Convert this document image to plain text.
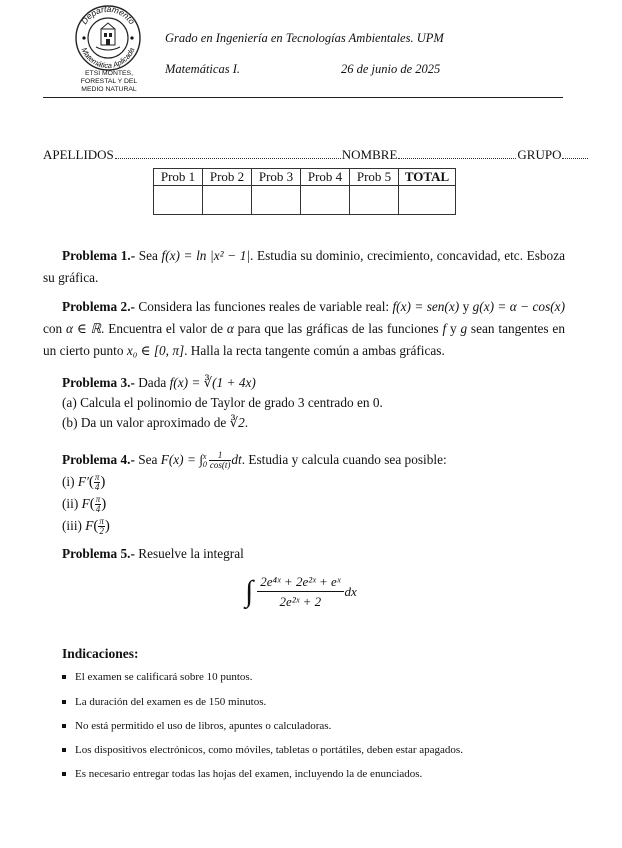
Departamento
Matemática Aplicada
ETSI MONTES,
FORESTAL Y DEL
MEDIO NATURAL
Grado en Ingeniería en Tecnologías Ambientales. UPM
Matemáticas I.	26 de junio de 2025
APELLIDOS	NOMBRE	GRUPO
Prob 1	Prob 2	Prob 3	Prob 4	Prob 5	TOTAL

Problema 1.- Sea f(x) = ln |x² − 1|. Estudia su dominio, crecimiento, concavidad, etc. Esboza su gráfica.
Problema 2.- Considera las funciones reales de variable real: f(x) = sen(x) y g(x) = α − cos(x) con α ∈ ℝ. Encuentra el valor de α para que las gráficas de las funciones f y g sean tangentes en un cierto punto x₀ ∈ [0, π]. Halla la recta tangente común a ambas gráficas.
Problema 3.- Dada f(x) = ∛(1 + 4x)
(a) Calcula el polinomio de Taylor de grado 3 centrado en 0.
(b) Da un valor aproximado de ∛2.
Problema 4.- Sea F(x) = ∫ x
$0 \frac{1}{\cos(t)}$ dt. Estudia y calcula cuando sea posible:
(i) $F'( \frac{\pi}{4}$ )
(ii) $F( \frac{\pi}{4}$ )
(iii) $F( \frac{\pi}{2}$ )
Problema 5.- Resuelve la integral
∫ $\frac{\text{2e⁴ˣ + 2e²ˣ + eˣ}}{\text{2e²ˣ + 2}}$ dx
Indicaciones:
El examen se calificará sobre 10 puntos.
La duración del examen es de 150 minutos.
No está permitido el uso de libros, apuntes o calculadoras.
Los dispositivos electrónicos, como móviles, tabletas o portátiles, deben estar apagados.
Es necesario entregar todas las hojas del examen, incluyendo la de enunciados.
